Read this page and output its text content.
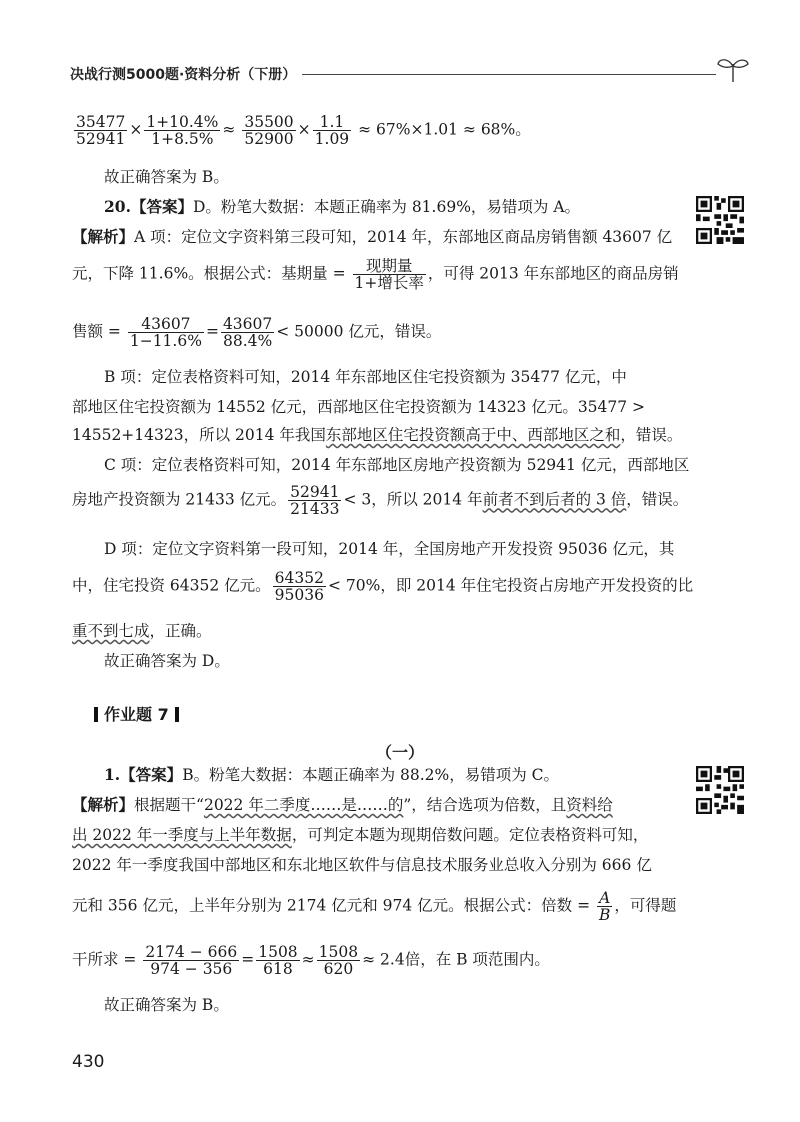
决战行测5000题·资料分析（下册）
$\frac{35477}{52941} \times \frac{1+10.4\%}{1+8.5\%} \approx \frac{35500}{52900} \times \frac{1.1}{1.09} \approx 67\%\times 1.01 \approx 68\%$。
故正确答案为 B。
20.【答案】D。粉笔大数据：本题正确率为 81.69%，易错项为 A。
【解析】A 项：定位文字资料第三段可知，2014 年，东部地区商品房销售额 43607 亿
元，下降 11.6%。根据公式：基期量 = $\frac{\text{现期量}}{\text{1+增长率}}$ ，可得 2013 年东部地区的商品房销
售额 = $\frac{43607}{1-11.6\%} = \frac{43607}{88.4\%} < 50000$ 亿元，错误。
B 项：定位表格资料可知，2014 年东部地区住宅投资额为 35477 亿元，中
部地区住宅投资额为 14552 亿元，西部地区住宅投资额为 14323 亿元。35477 >
14552+14323，所以 2014 年我国东部地区住宅投资额高于中、西部地区之和，错误。
C 项：定位表格资料可知，2014 年东部地区房地产投资额为 52941 亿元，西部地区
房地产投资额为 21433 亿元。 $\frac{52941}{21433} < 3$，所以 2014 年前者不到后者的 3 倍，错误。
D 项：定位文字资料第一段可知，2014 年，全国房地产开发投资 95036 亿元，其
中，住宅投资 64352 亿元。 $\frac{64352}{95036} < 70\%$，即 2014 年住宅投资占房地产开发投资的比
重不到七成，正确。
故正确答案为 D。
作业题 7
（一）
1.【答案】B。粉笔大数据：本题正确率为 88.2%，易错项为 C。
【解析】根据题干“2022 年二季度……是……的”，结合选项为倍数，且资料给
出 2022 年一季度与上半年数据，可判定本题为现期倍数问题。定位表格资料可知，
2022 年一季度我国中部地区和东北地区软件与信息技术服务业总收入分别为 666 亿
元和 356 亿元，上半年分别为 2174 亿元和 974 亿元。根据公式：倍数 = $\frac{A}{B}$ ，可得题
干所求 = $\frac{2174 - 666}{974 - 356} = \frac{1508}{618} \approx \frac{1508}{620} \approx 2.4$倍，在 B 项范围内。
故正确答案为 B。
430
